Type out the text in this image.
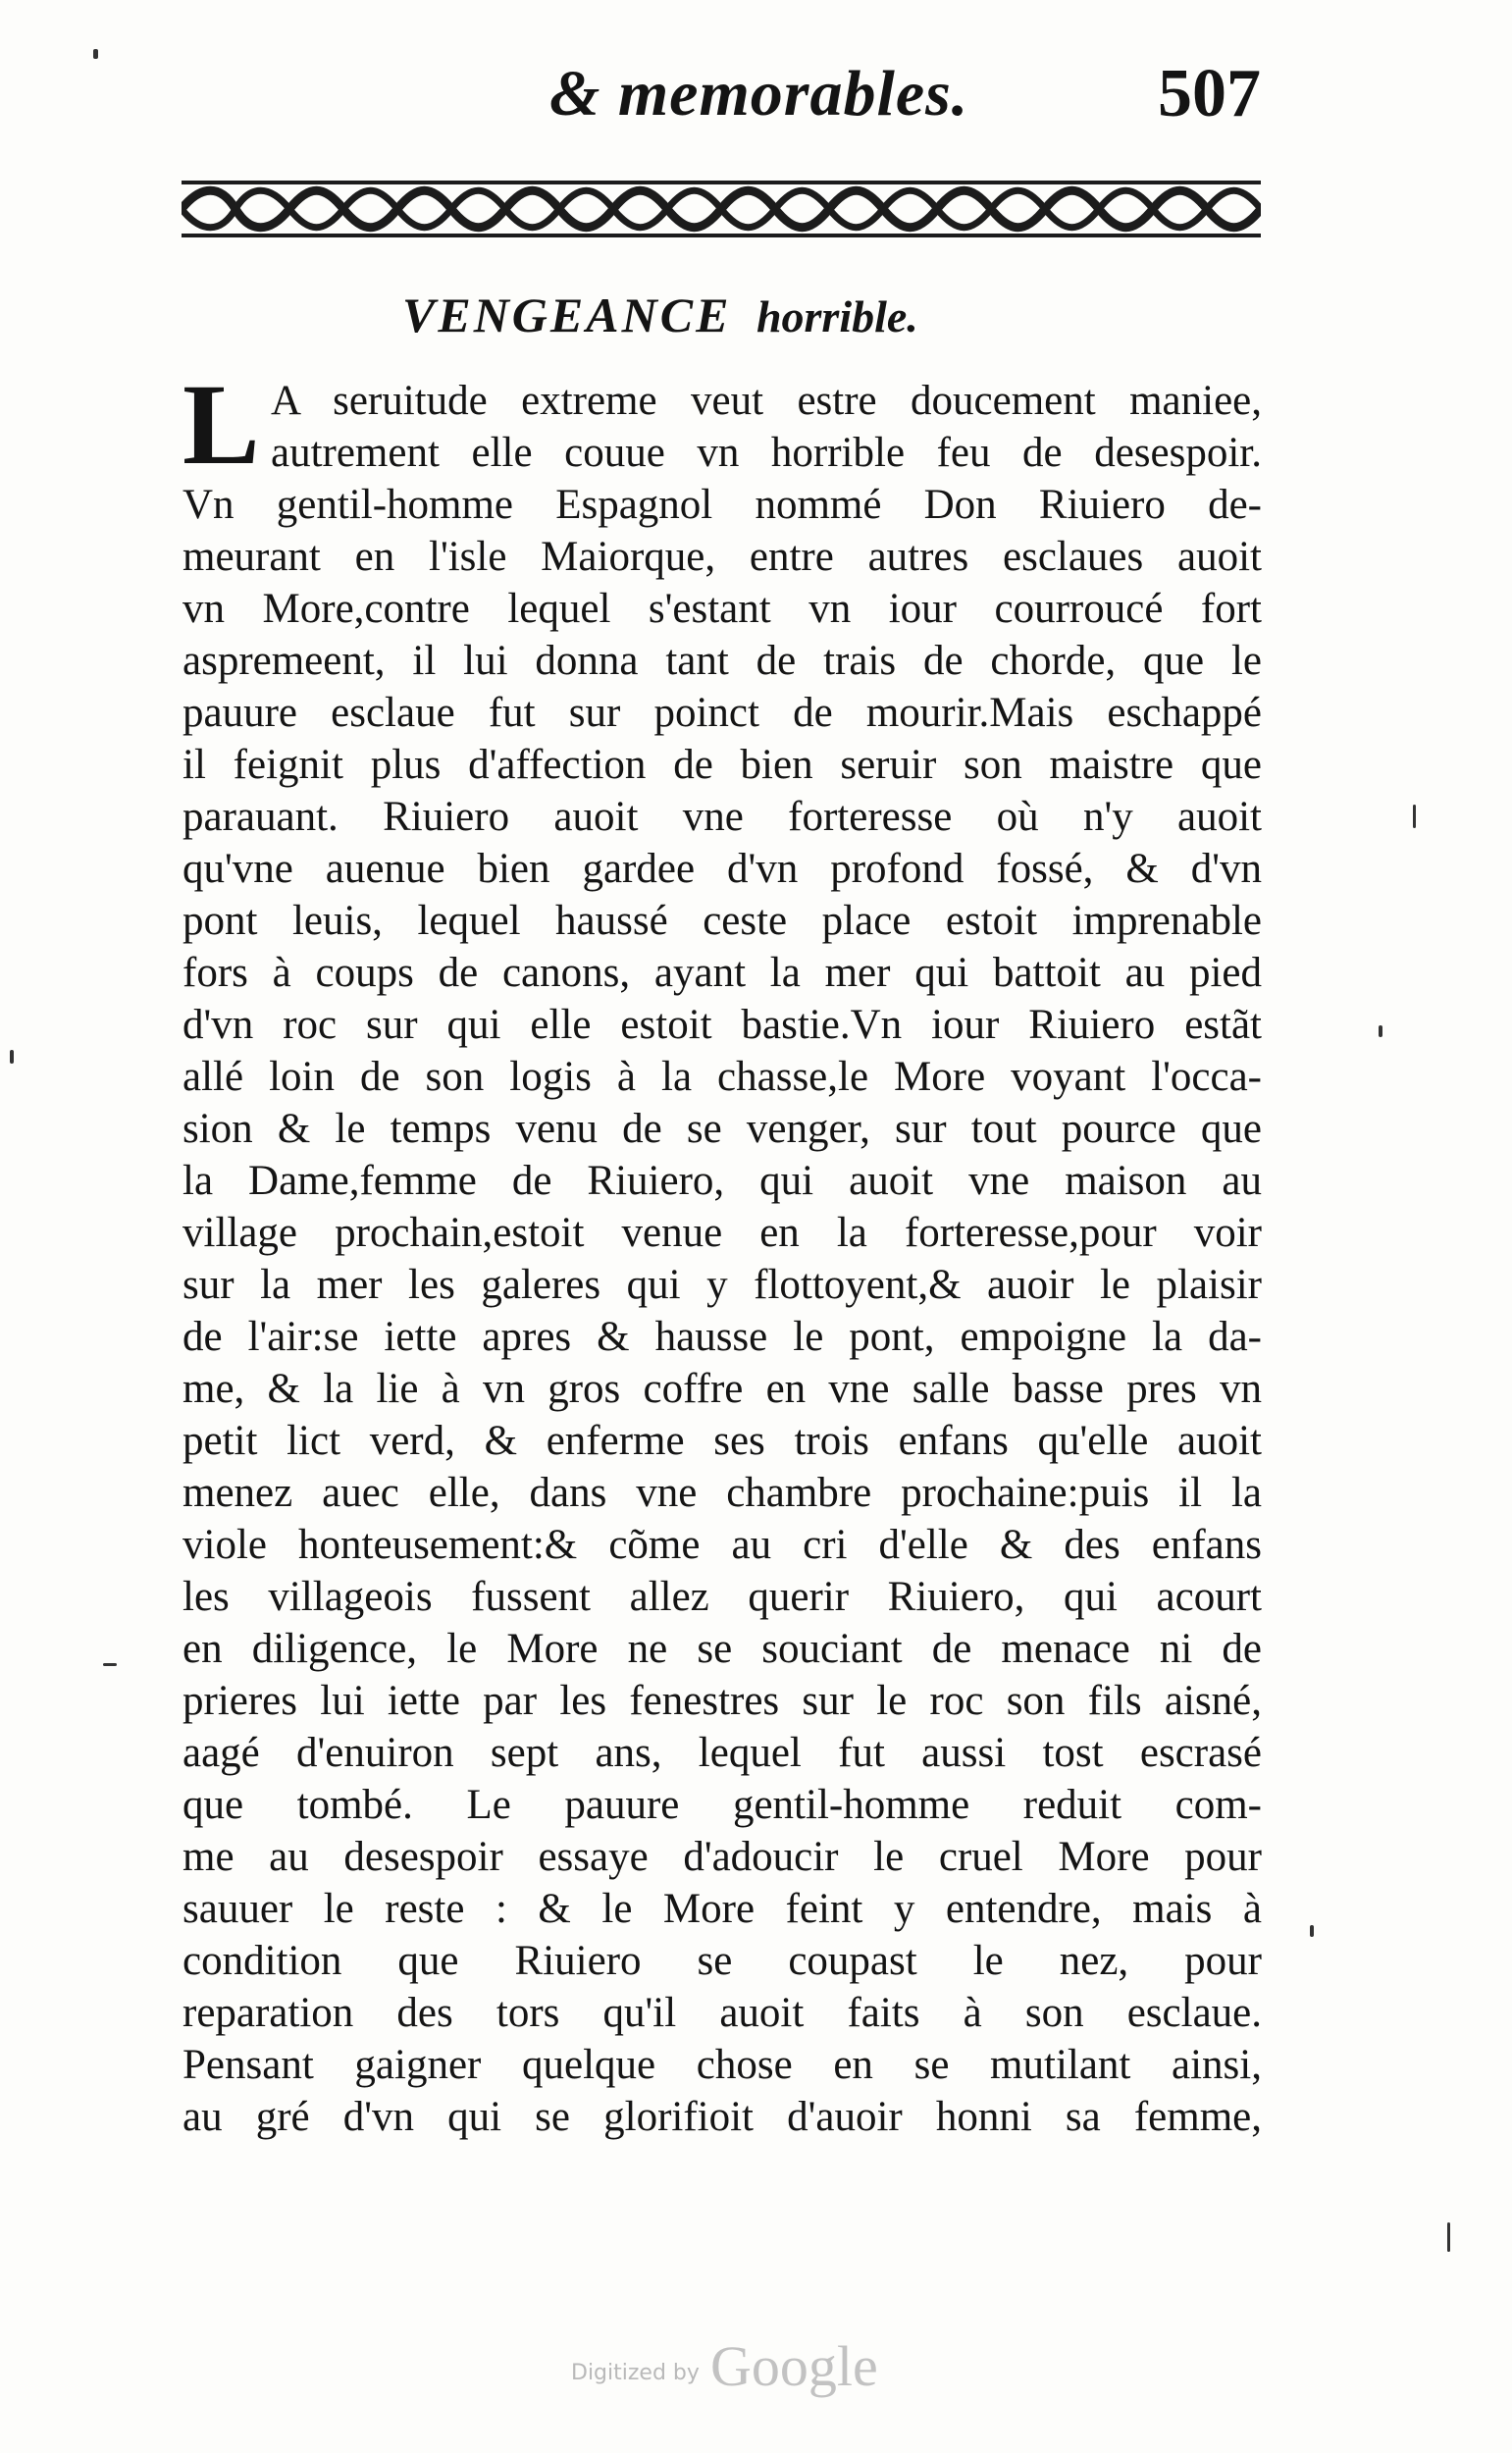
& memorables.	507
VENGEANCE horrible.
L A seruitude extreme veut estre doucement maniee,
autrement elle couue vn horrible feu de desespoir.
Vn gentil-homme Espagnol nommé Don Riuiero de-
meurant en l'isle Maiorque, entre autres esclaues auoit
vn More,contre lequel s'estant vn iour courroucé fort
aspremeent, il lui donna tant de trais de chorde, que le
pauure esclaue fut sur poinct de mourir.Mais eschappé
il feignit plus d'affection de bien seruir son maistre que
parauant. Riuiero auoit vne forteresse où n'y auoit
qu'vne auenue bien gardee d'vn profond fossé, & d'vn
pont leuis, lequel haussé ceste place estoit imprenable
fors à coups de canons, ayant la mer qui battoit au pied
d'vn roc sur qui elle estoit bastie.Vn iour Riuiero estãt
allé loin de son logis à la chasse,le More voyant l'occa-
sion & le temps venu de se venger, sur tout pource que
la Dame,femme de Riuiero, qui auoit vne maison au
village prochain,estoit venue en la forteresse,pour voir
sur la mer les galeres qui y flottoyent,& auoir le plaisir
de l'air:se iette apres & hausse le pont, empoigne la da-
me, & la lie à vn gros coffre en vne salle basse pres vn
petit lict verd, & enferme ses trois enfans qu'elle auoit
menez auec elle, dans vne chambre prochaine:puis il la
viole honteusement:& cõme au cri d'elle & des enfans
les villageois fussent allez querir Riuiero, qui acourt
en diligence, le More ne se souciant de menace ni de
prieres lui iette par les fenestres sur le roc son fils aisné,
aagé d'enuiron sept ans, lequel fut aussi tost escrasé
que tombé. Le pauure gentil-homme reduit com-
me au desespoir essaye d'adoucir le cruel More pour
sauuer le reste : & le More feint y entendre, mais à
condition que Riuiero se coupast le nez, pour
reparation des tors qu'il auoit faits à son esclaue.
Pensant gaigner quelque chose en se mutilant ainsi,
au gré d'vn qui se glorifioit d'auoir honni sa femme,
Digitized by Google
